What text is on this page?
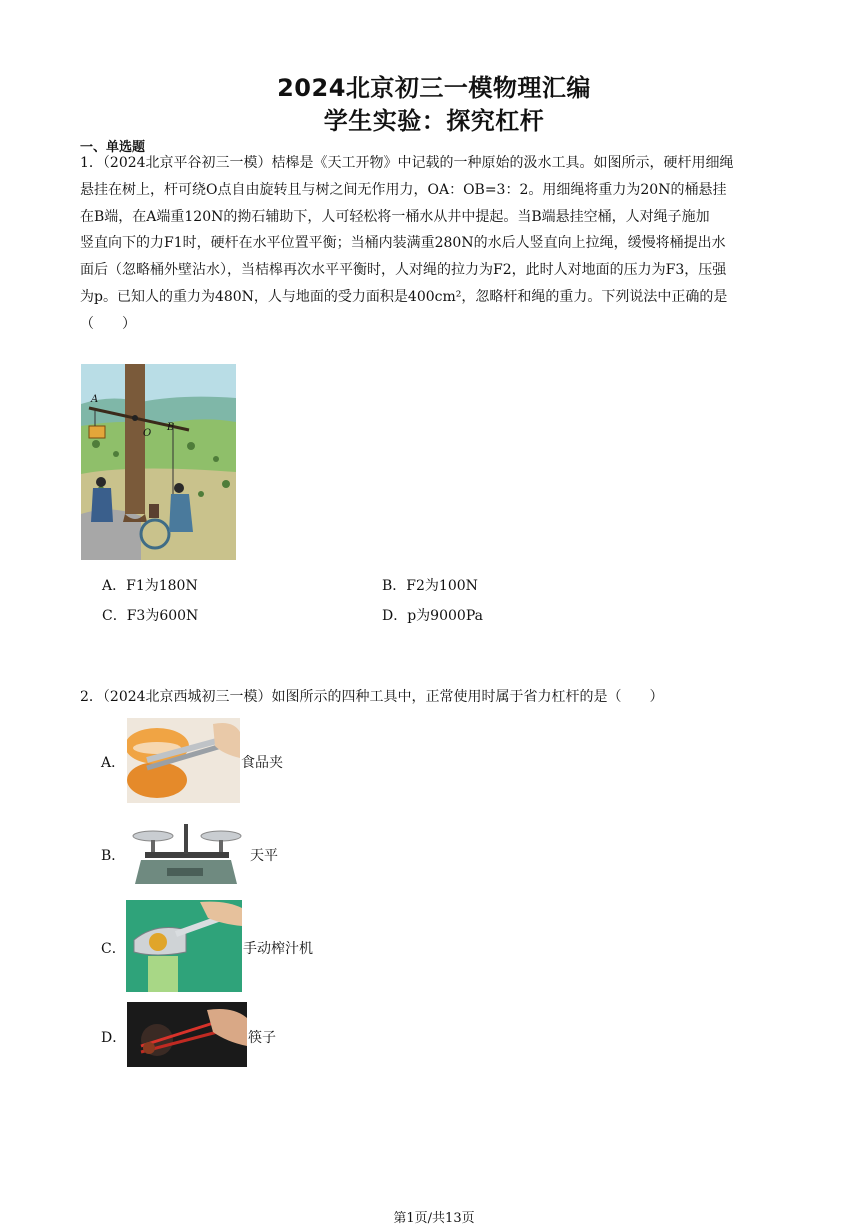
2024北京初三一模物理汇编
学生实验：探究杠杆
一、单选题
1．（2024北京平谷初三一模）桔槔是《天工开物》中记载的一种原始的汲水工具。如图所示，硬杆用细绳
悬挂在树上，杆可绕O点自由旋转且与树之间无作用力，OA：OB=3：2。用细绳将重力为20N的桶悬挂
在B端，在A端重120N的拗石辅助下，人可轻松将一桶水从井中提起。当B端悬挂空桶，人对绳子施加
竖直向下的力F1时，硬杆在水平位置平衡；当桶内装满重280N的水后人竖直向上拉绳，缓慢将桶提出水
面后（忽略桶外壁沾水），当桔槔再次水平平衡时，人对绳的拉力为F2，此时人对地面的压力为F3，压强
为p。已知人的重力为480N，人与地面的受力面积是400cm²，忽略杆和绳的重力。下列说法中正确的是
（　　）
O
A
B
A．F1为180N	B．F2为100N
C．F3为600N	D．p为9000Pa
2．（2024北京西城初三一模）如图所示的四种工具中，正常使用时属于省力杠杆的是（　　）
A．	食品夹
B．	天平
C．	手动榨汁机
D．	筷子
第1页/共13页
